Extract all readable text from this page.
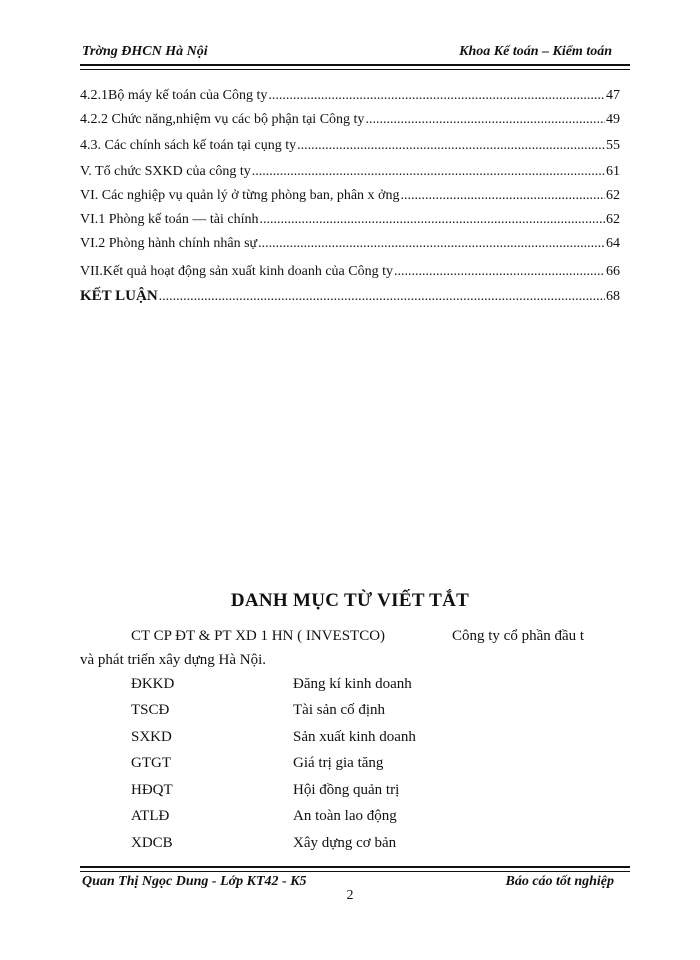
Trờng ĐHCN Hà Nội	Khoa Kế toán – Kiểm toán
4.2.1Bộ máy kế toán của Công ty .....	47
4.2.2 Chức năng,nhiệm vụ các bộ phận tại Công ty .....	49
4.3. Các chính sách kế toán tại cụng ty .....	55
V. Tổ chức SXKD của công ty .....	61
VI. Các nghiệp vụ quản lý ở từng phòng ban, phân x ởng .....	62
VI.1 Phòng kế toán — tài chính .....	62
VI.2 Phòng hành chính nhân sự .....	64
VII.Kết quả hoạt động sản xuất kinh doanh của Công ty .....	66
KẾT LUẬN .....	68
DANH MỤC TỪ VIẾT TẮT
CT CP ĐT & PT XD 1 HN ( INVESTCO)	Công ty cổ phần đầu t
và phát triển xây dựng Hà Nội.
ĐKKD	Đăng kí kinh doanh
TSCĐ	Tài sản cố định
SXKD	Sản xuất kinh doanh
GTGT	Giá trị gia tăng
HĐQT	Hội đồng quản trị
ATLĐ	An toàn lao động
XDCB	Xây dựng cơ bản
Quan Thị Ngọc Dung - Lớp KT42 - K5	Báo cáo tốt nghiệp
2
